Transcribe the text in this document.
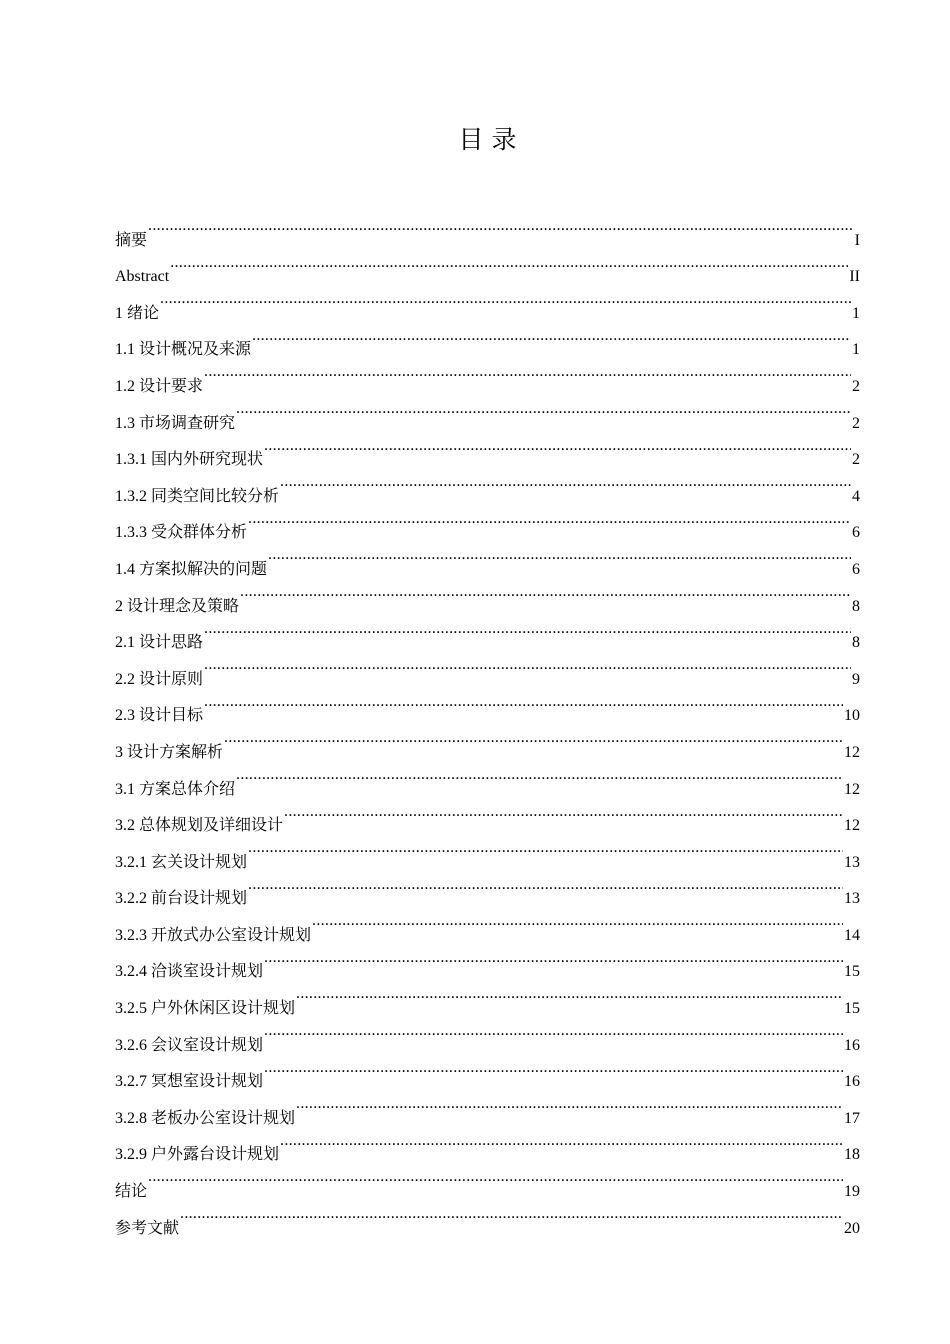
目 录
摘要 .....	I
Abstract .....	II
1 绪论 .....	1
1.1 设计概况及来源 .....	1
1.2 设计要求 .....	2
1.3 市场调查研究 .....	2
1.3.1 国内外研究现状 .....	2
1.3.2 同类空间比较分析 .....	4
1.3.3 受众群体分析 .....	6
1.4 方案拟解决的问题 .....	6
2 设计理念及策略 .....	8
2.1 设计思路 .....	8
2.2 设计原则 .....	9
2.3 设计目标 .....	10
3 设计方案解析 .....	12
3.1 方案总体介绍 .....	12
3.2 总体规划及详细设计 .....	12
3.2.1 玄关设计规划 .....	13
3.2.2 前台设计规划 .....	13
3.2.3 开放式办公室设计规划 .....	14
3.2.4 洽谈室设计规划 .....	15
3.2.5 户外休闲区设计规划 .....	15
3.2.6 会议室设计规划 .....	16
3.2.7 冥想室设计规划 .....	16
3.2.8 老板办公室设计规划 .....	17
3.2.9 户外露台设计规划 .....	18
结论 .....	19
参考文献 .....	20
